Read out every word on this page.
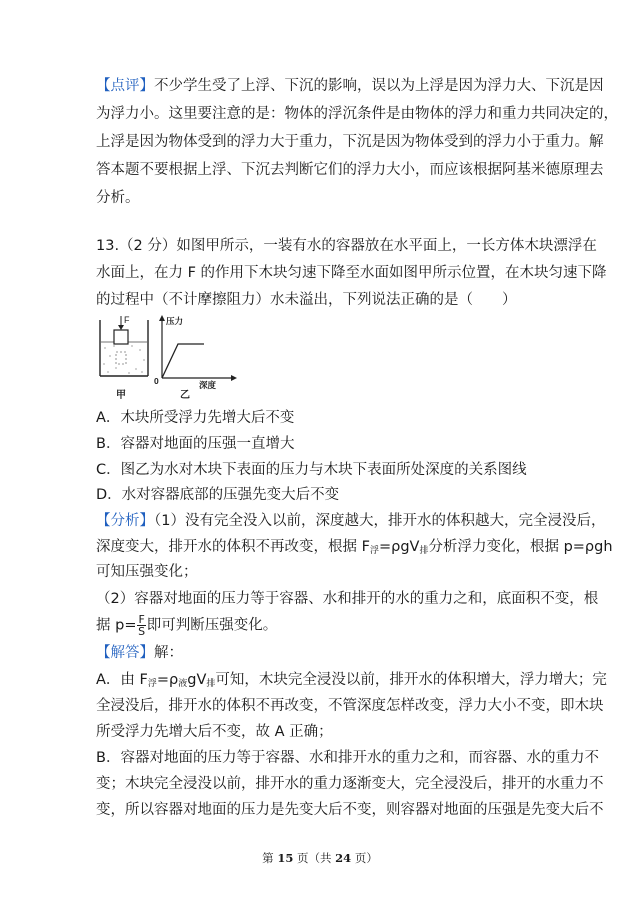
【点评】不少学生受了上浮、下沉的影响，误以为上浮是因为浮力大、下沉是因
为浮力小。这里要注意的是：物体的浮沉条件是由物体的浮力和重力共同决定的，
上浮是因为物体受到的浮力大于重力，下沉是因为物体受到的浮力小于重力。解
答本题不要根据上浮、下沉去判断它们的浮力大小，而应该根据阿基米德原理去
分析。
13.（2 分）如图甲所示，一装有水的容器放在水平面上，一长方体木块漂浮在
水面上，在力 F 的作用下木块匀速下降至水面如图甲所示位置，在木块匀速下降
的过程中（不计摩擦阻力）水未溢出，下列说法正确的是（　　）
F	压力
0	深度
甲	乙
A．木块所受浮力先增大后不变
B．容器对地面的压强一直增大
C．图乙为水对木块下表面的压力与木块下表面所处深度的关系图线
D．水对容器底部的压强先变大后不变
【分析】（1）没有完全没入以前，深度越大，排开水的体积越大，完全浸没后，
深度变大，排开水的体积不再改变，根据 $F_浮=\rho gV_排$分析浮力变化，根据 p=ρgh
可知压强变化；
（2）容器对地面的压力等于容器、水和排开的水的重力之和，底面积不变，根
据 $p= \frac{F}{S}$ 即可判断压强变化。
【解答】解：
A．由 $F_浮=\rho_液gV_排$可知，木块完全浸没以前，排开水的体积增大，浮力增大；完
全浸没后，排开水的体积不再改变，不管深度怎样改变，浮力大小不变，即木块
所受浮力先增大后不变，故 A 正确；
B．容器对地面的压力等于容器、水和排开水的重力之和，而容器、水的重力不
变；木块完全浸没以前，排开水的重力逐渐变大，完全浸没后，排开的水重力不
变，所以容器对地面的压力是先变大后不变，则容器对地面的压强是先变大后不
第 15 页（共 24 页）
